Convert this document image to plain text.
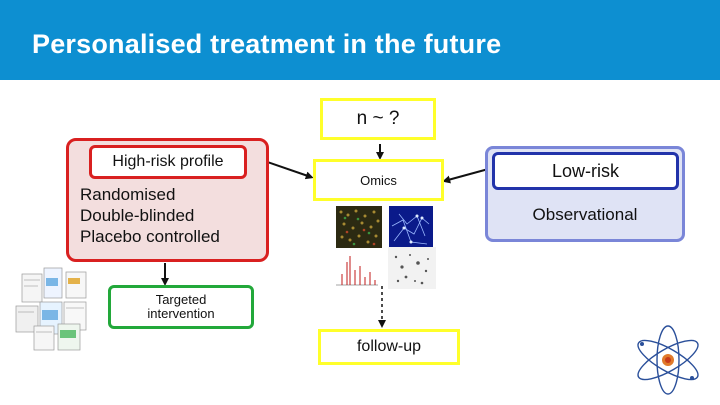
Personalised treatment in the future
n ~ ?
Omics
High-risk profile
Randomised
Double-blinded
Placebo controlled
Targeted
intervention
Low-risk
Observational
follow-up
